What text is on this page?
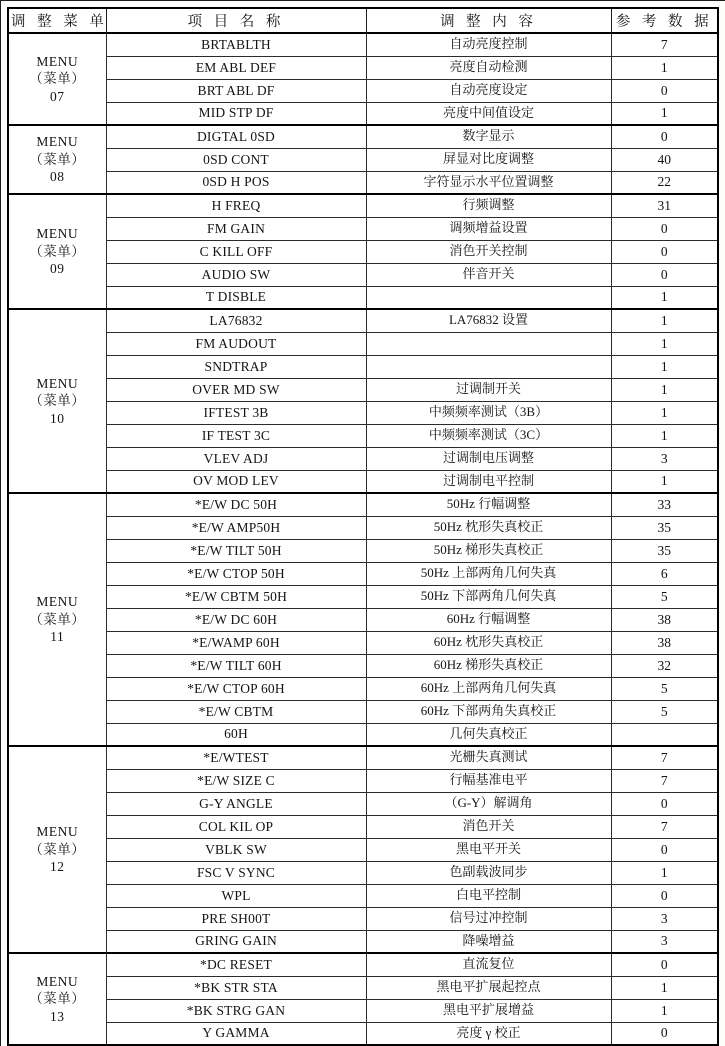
调 整 菜 单	项 目 名 称	调 整 内 容	参 考 数 据

MENU
（菜单）
07	BRTABLTH	自动亮度控制	7
	EM ABL DEF	亮度自动检测	1
	BRT ABL DF	自动亮度设定	0
	MID STP DF	亮度中间值设定	1

MENU
（菜单）
08	DIGTAL 0SD	数字显示	0
	0SD CONT	屏显对比度调整	40
	0SD H POS	字符显示水平位置调整	22

MENU
（菜单）
09	H FREQ	行频调整	31
	FM GAIN	调频增益设置	0
	C KILL OFF	消色开关控制	0
	AUDIO SW	伴音开关	0
	T DISBLE		1

MENU
（菜单）
10	LA76832	LA76832 设置	1
	FM AUDOUT		1
	SNDTRAP		1
	OVER MD SW	过调制开关	1
	IFTEST 3B	中频频率测试（3B）	1
	IF TEST 3C	中频频率测试（3C）	1
	VLEV ADJ	过调制电压调整	3
	OV MOD LEV	过调制电平控制	1

MENU
（菜单）
11	*E/W DC 50H	50Hz 行幅调整	33
	*E/W AMP50H	50Hz 枕形失真校正	35
	*E/W TILT 50H	50Hz 梯形失真校正	35
	*E/W CTOP 50H	50Hz 上部两角几何失真	6
	*E/W CBTM 50H	50Hz 下部两角几何失真	5
	*E/W DC 60H	60Hz 行幅调整	38
	*E/WAMP 60H	60Hz 枕形失真校正	38
	*E/W TILT 60H	60Hz 梯形失真校正	32
	*E/W CTOP 60H	60Hz 上部两角几何失真	5
	*E/W CBTM	60Hz 下部两角失真校正	5
	60H	几何失真校正	

MENU
（菜单）
12	*E/WTEST	光栅失真测试	7
	*E/W SIZE C	行幅基准电平	7
	G-Y ANGLE	（G-Y）解调角	0
	COL KIL OP	消色开关	7
	VBLK SW	黑电平开关	0
	FSC V SYNC	色副载波同步	1
	WPL	白电平控制	0
	PRE SH00T	信号过冲控制	3
	GRING GAIN	降噪增益	3

MENU
（菜单）
13	*DC RESET	直流复位	0
	*BK STR STA	黑电平扩展起控点	1
	*BK STRG GAN	黑电平扩展增益	1
	Y GAMMA	亮度 γ 校正	0
